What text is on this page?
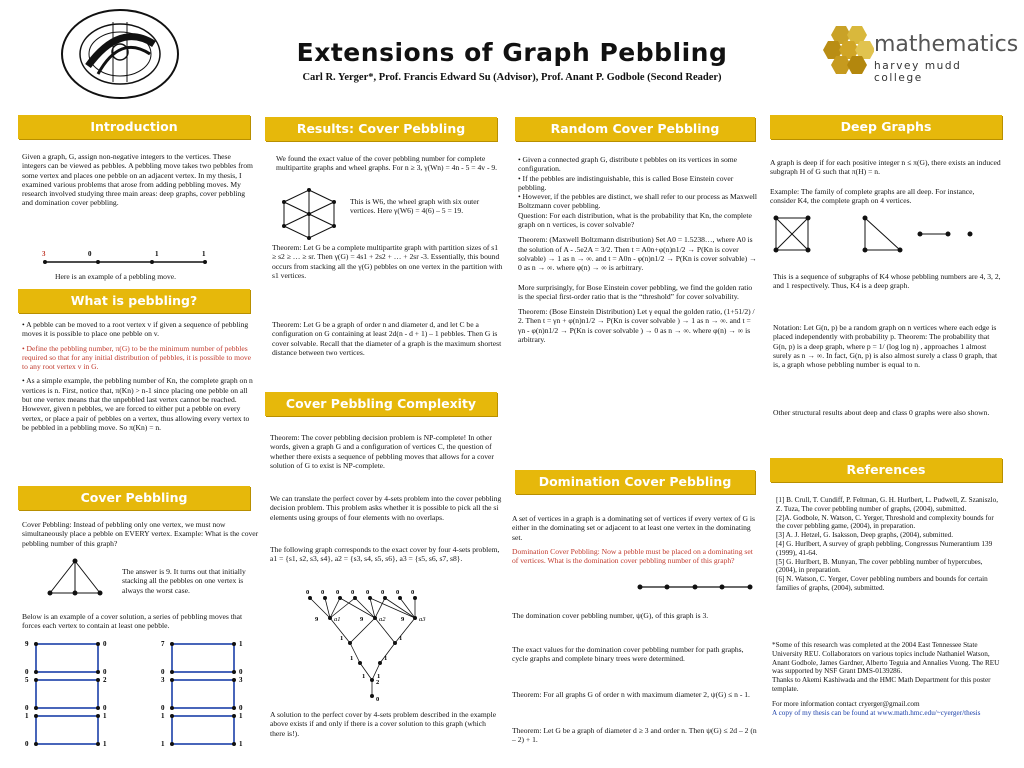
mathematics
harvey mudd college
Extensions of Graph Pebbling
Carl R. Yerger*, Prof. Francis Edward Su (Advisor), Prof. Anant P. Godbole (Second Reader)
Introduction
Given a graph, G, assign non-negative integers to the vertices. These integers can be viewed as pebbles. A pebbling move takes two pebbles from some vertex and places one pebble on an adjacent vertex. In my thesis, I examined various problems that arose from adding pebbling moves. My research involved studying three main areas: deep graphs, cover pebbling and domination cover pebbling.
3	0	1	1
Here is an example of a pebbling move.
What is pebbling?

• A pebble can be moved to a root vertex v if given a sequence of pebbling moves it is possible to place one pebble on v.

• Define the pebbling number, π(G) to be the minimum number of pebbles required so that for any initial distribution of pebbles, it is possible to move to any root vertex v in G.

• As a simple example, the pebbling number of Kn, the complete graph on n vertices is n. First, notice that, π(Kn) > n-1 since placing one pebble on all but one vertex means that the unpebbled last vertex cannot be reached. However, given n pebbles, we are forced to either put a pebble on every vertex, or place a pair of pebbles on a vertex, thus allowing every vertex to be pebbled in a pebbling move. So π(Kn) = n.

Cover Pebbling
Cover Pebbling: Instead of pebbling only one vertex, we must now simultaneously place a pebble on EVERY vertex. Example: What is the cover pebbling number of this graph?
The answer is 9. It turns out that initially stacking all the pebbles on one vertex is always the worst case.
Below is an example of a cover solution, a series of pebbling moves that forces each vertex to contain at least one pebble.
9	0
0	0
7	1
0	0
5	2
0	0
3	3
0	0
1	1
0	1
1	1
1	1
Results: Cover Pebbling
We found the exact value of the cover pebbling number for complete multipartite graphs and wheel graphs. For n ≥ 3, γ(Wn) = 4n - 5 = 4v - 9.
This is W6, the wheel graph with six outer vertices. Here γ(W6) = 4(6) – 5 = 19.
Theorem: Let G be a complete multipartite graph with partition sizes of s1 ≥ s2 ≥ … ≥ sr. Then γ(G) = 4s1 + 2s2 + … + 2sr -3. Essentially, this bound occurs from stacking all the γ(G) pebbles on one vertex in the partition with s1 vertices.
Theorem: Let G be a graph of order n and diameter d, and let C be a configuration on G containing at least 2d(n - d + 1) – 1 pebbles. Then G is cover solvable. Recall that the diameter of a graph is the maximum shortest distance between two vertices.
Cover Pebbling Complexity
Theorem: The cover pebbling decision problem is NP-complete! In other words, given a graph G and a configuration of vertices C, the question of whether there exists a sequence of pebbling moves that allows for a cover solution of G to exist is NP-complete.
We can translate the perfect cover by 4-sets problem into the cover pebbling decision problem. This problem asks whether it is possible to pick all the si elements using groups of four elements with no overlaps.
The following graph corresponds to the exact cover by four 4-sets problem, a1 = {s1, s2, s3, s4}, a2 = {s3, s4, s5, s6}, a3 = {s5, s6, s7, s8}.
0 0 0 0 0 0 0 0
9 a1	9 a2 9 a3
1	1
1	1
1 1
2
0
A solution to the perfect cover by 4-sets problem described in the example above exists if and only if there is a cover solution to this graph (which there is!).
Random Cover Pebbling
• Given a connected graph G, distribute t pebbles on its vertices in some configuration.
• If the pebbles are indistinguishable, this is called Bose Einstein cover pebbling.
• However, if the pebbles are distinct, we shall refer to our process as Maxwell Boltzmann cover pebbling.
Question: For each distribution, what is the probability that Kn, the complete graph on n vertices, is cover solvable?
Theorem: (Maxwell Boltzmann distribution) Set A0 = 1.5238…, where A0 is the solution of A - .5e2A = 3/2. Then t = A0n+φ(n)n1/2 → P(Kn is cover solvable) → 1 as n → ∞. and t = A0n - φ(n)n1/2 → P(Kn is cover solvable) → 0 as n → ∞. where φ(n) → ∞ is arbitrary.
More surprisingly, for Bose Einstein cover pebbling, we find the golden ratio is the special first-order ratio that is the “threshold” for cover solvability.
Theorem: (Bose Einstein Distribution) Let γ equal the golden ratio, (1+51/2) / 2. Then t = γn + φ(n)n1/2 → P(Kn is cover solvable ) → 1 as n → ∞. and t = γn - φ(n)n1/2 → P(Kn is cover solvable ) → 0 as n → ∞. where φ(n) → ∞ is arbitrary.
Domination Cover Pebbling
A set of vertices in a graph is a dominating set of vertices if every vertex of G is either in the dominating set or adjacent to at least one vertex in the dominating set.
Domination Cover Pebbling: Now a pebble must be placed on a dominating set of vertices. What is the domination cover pebbling number of this graph?
The domination cover pebbling number, ψ(G), of this graph is 3.
The exact values for the domination cover pebbling number for path graphs, cycle graphs and complete binary trees were determined.
Theorem: For all graphs G of order n with maximum diameter 2, ψ(G) ≤ n - 1.
Theorem: Let G be a graph of diameter d ≥ 3 and order n. Then ψ(G) ≤ 2d – 2 (n – 2) + 1.
Deep Graphs
A graph is deep if for each positive integer n ≤ π(G), there exists an induced subgraph H of G such that π(H) = n.
Example: The family of complete graphs are all deep. For instance, consider K4, the complete graph on 4 vertices.
This is a sequence of subgraphs of K4 whose pebbling numbers are 4, 3, 2, and 1 respectively. Thus, K4 is a deep graph.
Notation: Let G(n, p) be a random graph on n vertices where each edge is placed independently with probability p. Theorem: The probability that G(n, p) is a deep graph, where p = 1/ (log log n) , approaches 1 almost surely as n → ∞. In fact, G(n, p) is also almost surely a class 0 graph, that is, a graph whose pebbling number is equal to n.
Other structural results about deep and class 0 graphs were also shown.
References
[1] B. Crull, T. Cundiff, P. Feltman, G. H. Hurlbert, L. Pudwell, Z. Szaniszlo, Z. Tuza, The cover pebbling number of graphs, (2004), submitted.
[2]A. Godbole, N. Watson, C. Yerger, Threshold and complexity bounds for the cover pebbling game, (2004), in preparation.
[3] A. J. Hetzel, G. Isaksson, Deep graphs, (2004), submitted.
[4] G. Hurlbert, A survey of graph pebbling, Congressus Numerantium 139 (1999), 41-64.
[5] G. Hurlbert, B. Munyan, The cover pebbling number of hypercubes, (2004), in preparation.
[6] N. Watson, C. Yerger, Cover pebbling numbers and bounds for certain families of graphs, (2004), submitted.
*Some of this research was completed at the 2004 East Tennessee State University REU. Collaborators on various topics include Nathaniel Watson, Anant Godbole, James Gardner, Alberto Teguia and Annalies Vuong. The REU was supported by NSF Grant DMS-0139286.
Thanks to Akemi Kashiwada and the HMC Math Department for this poster template.
For more information contact cryerger@gmail.com
A copy of my thesis can be found at www.math.hmc.edu/~cyerger/thesis
